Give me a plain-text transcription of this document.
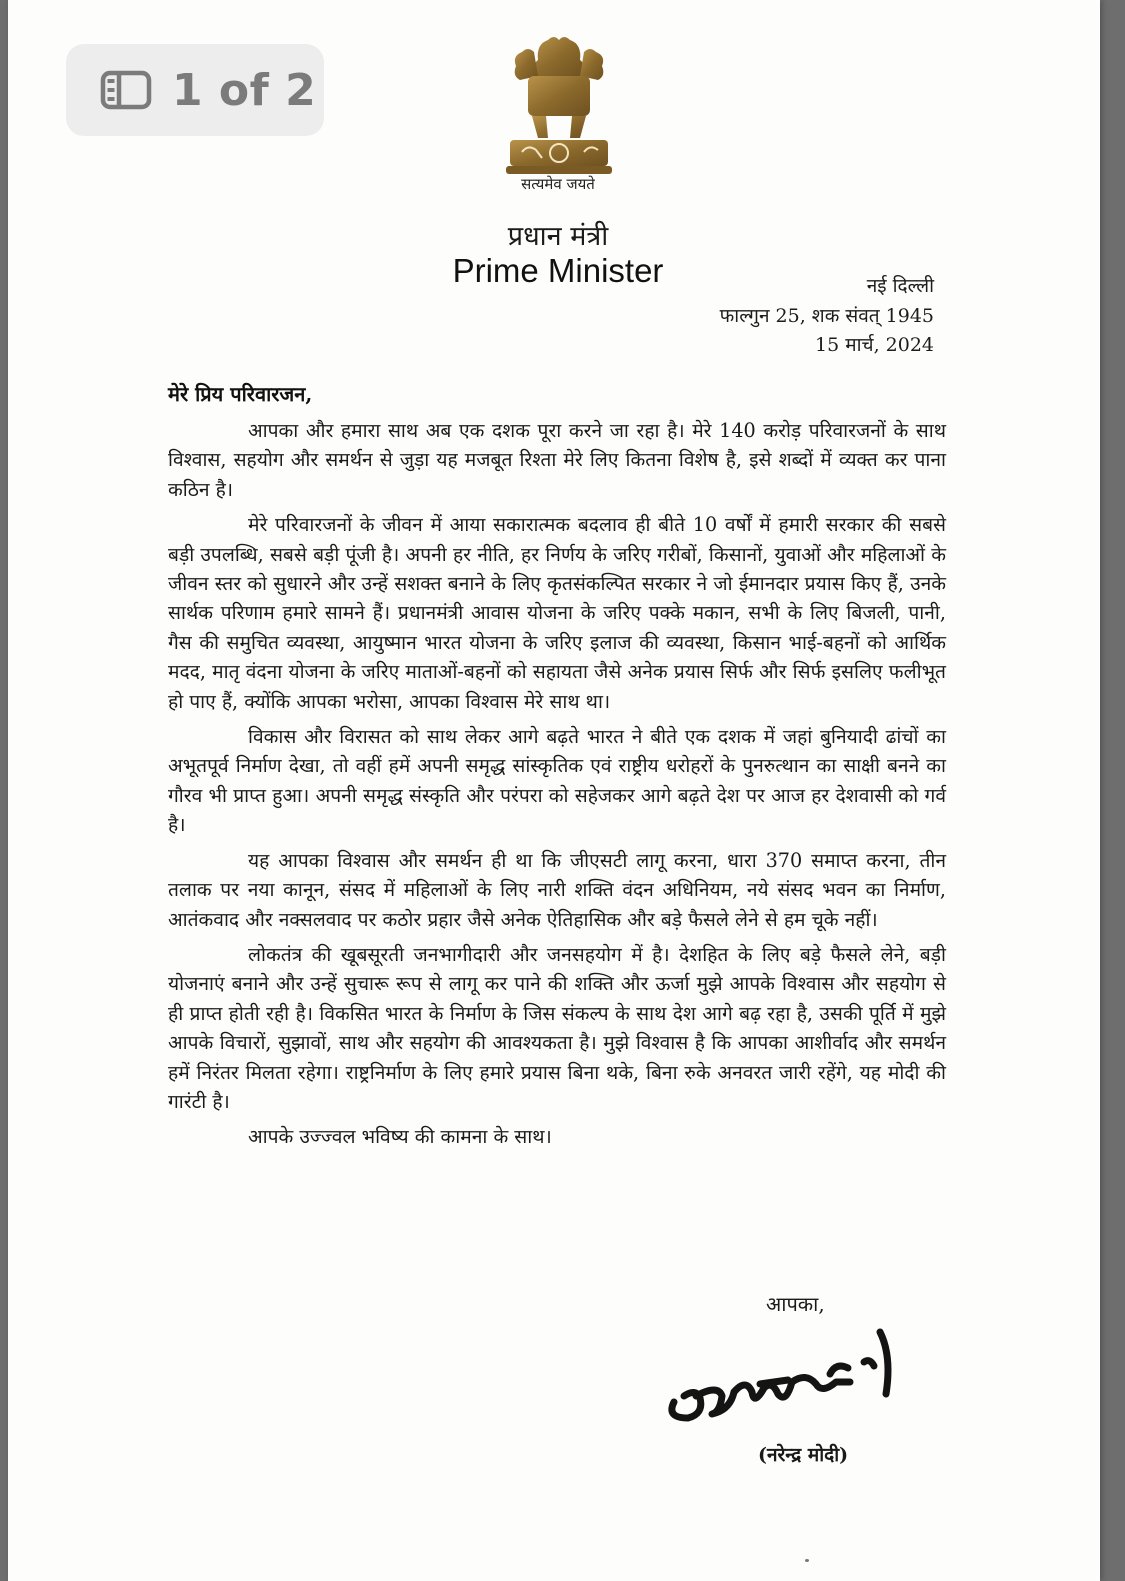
1 of 2
सत्यमेव जयते
प्रधान मंत्री
Prime Minister	नई दिल्ली
फाल्गुन 25, शक संवत् 1945
15 मार्च, 2024
मेरे प्रिय परिवारजन,

आपका और हमारा साथ अब एक दशक पूरा करने जा रहा है। मेरे 140 करोड़ परिवारजनों के साथ विश्वास, सहयोग और समर्थन से जुड़ा यह मजबूत रिश्ता मेरे लिए कितना विशेष है, इसे शब्दों में व्यक्त कर पाना कठिन है।

मेरे परिवारजनों के जीवन में आया सकारात्मक बदलाव ही बीते 10 वर्षों में हमारी सरकार की सबसे बड़ी उपलब्धि, सबसे बड़ी पूंजी है। अपनी हर नीति, हर निर्णय के जरिए गरीबों, किसानों, युवाओं और महिलाओं के जीवन स्तर को सुधारने और उन्हें सशक्त बनाने के लिए कृतसंकल्पित सरकार ने जो ईमानदार प्रयास किए हैं, उनके सार्थक परिणाम हमारे सामने हैं। प्रधानमंत्री आवास योजना के जरिए पक्के मकान, सभी के लिए बिजली, पानी, गैस की समुचित व्यवस्था, आयुष्मान भारत योजना के जरिए इलाज की व्यवस्था, किसान भाई-बहनों को आर्थिक मदद, मातृ वंदना योजना के जरिए माताओं-बहनों को सहायता जैसे अनेक प्रयास सिर्फ और सिर्फ इसलिए फलीभूत हो पाए हैं, क्योंकि आपका भरोसा, आपका विश्वास मेरे साथ था।

विकास और विरासत को साथ लेकर आगे बढ़ते भारत ने बीते एक दशक में जहां बुनियादी ढांचों का अभूतपूर्व निर्माण देखा, तो वहीं हमें अपनी समृद्ध सांस्कृतिक एवं राष्ट्रीय धरोहरों के पुनरुत्थान का साक्षी बनने का गौरव भी प्राप्त हुआ। अपनी समृद्ध संस्कृति और परंपरा को सहेजकर आगे बढ़ते देश पर आज हर देशवासी को गर्व है।

यह आपका विश्वास और समर्थन ही था कि जीएसटी लागू करना, धारा 370 समाप्त करना, तीन तलाक पर नया कानून, संसद में महिलाओं के लिए नारी शक्ति वंदन अधिनियम, नये संसद भवन का निर्माण, आतंकवाद और नक्सलवाद पर कठोर प्रहार जैसे अनेक ऐतिहासिक और बड़े फैसले लेने से हम चूके नहीं।

लोकतंत्र की खूबसूरती जनभागीदारी और जनसहयोग में है। देशहित के लिए बड़े फैसले लेने, बड़ी योजनाएं बनाने और उन्हें सुचारू रूप से लागू कर पाने की शक्ति और ऊर्जा मुझे आपके विश्वास और सहयोग से ही प्राप्त होती रही है। विकसित भारत के निर्माण के जिस संकल्प के साथ देश आगे बढ़ रहा है, उसकी पूर्ति में मुझे आपके विचारों, सुझावों, साथ और सहयोग की आवश्यकता है। मुझे विश्वास है कि आपका आशीर्वाद और समर्थन हमें निरंतर मिलता रहेगा। राष्ट्रनिर्माण के लिए हमारे प्रयास बिना थके, बिना रुके अनवरत जारी रहेंगे, यह मोदी की गारंटी है।

आपके उज्ज्वल भविष्य की कामना के साथ।

आपका,
(नरेन्द्र मोदी)
